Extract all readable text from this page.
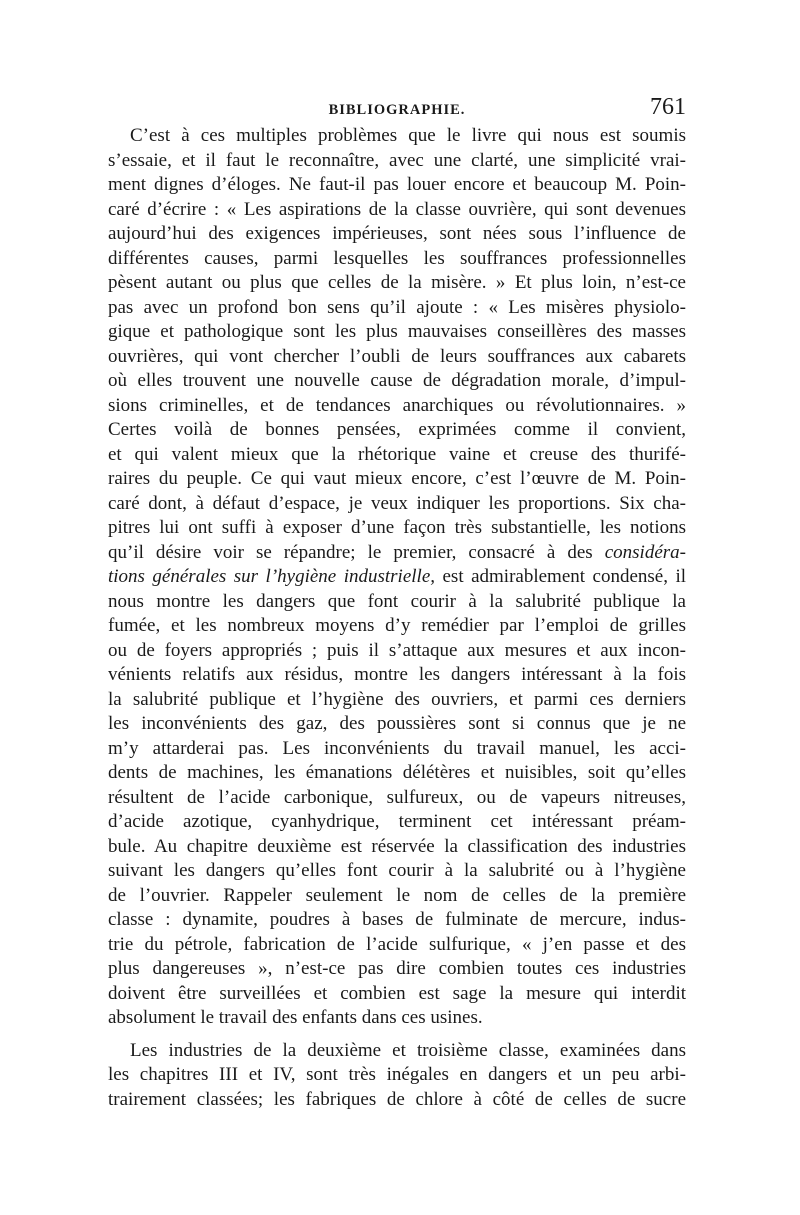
BIBLIOGRAPHIE.	761
C’est à ces multiples problèmes que le livre qui nous est soumis
s’essaie, et il faut le reconnaître, avec une clarté, une simplicité vrai-
ment dignes d’éloges. Ne faut-il pas louer encore et beaucoup M. Poin-
caré d’écrire : « Les aspirations de la classe ouvrière, qui sont devenues
aujourd’hui des exigences impérieuses, sont nées sous l’influence de
différentes causes, parmi lesquelles les souffrances professionnelles
pèsent autant ou plus que celles de la misère. » Et plus loin, n’est-ce
pas avec un profond bon sens qu’il ajoute : « Les misères physiolo-
gique et pathologique sont les plus mauvaises conseillères des masses
ouvrières, qui vont chercher l’oubli de leurs souffrances aux cabarets
où elles trouvent une nouvelle cause de dégradation morale, d’impul-
sions criminelles, et de tendances anarchiques ou révolutionnaires. »
Certes voilà de bonnes pensées, exprimées comme il convient,
et qui valent mieux que la rhétorique vaine et creuse des thurifé-
raires du peuple. Ce qui vaut mieux encore, c’est l’œuvre de M. Poin-
caré dont, à défaut d’espace, je veux indiquer les proportions. Six cha-
pitres lui ont suffi à exposer d’une façon très substantielle, les notions
qu’il désire voir se répandre; le premier, consacré à des considéra-
tions générales sur l’hygiène industrielle, est admirablement condensé, il
nous montre les dangers que font courir à la salubrité publique la
fumée, et les nombreux moyens d’y remédier par l’emploi de grilles
ou de foyers appropriés ; puis il s’attaque aux mesures et aux incon-
vénients relatifs aux résidus, montre les dangers intéressant à la fois
la salubrité publique et l’hygiène des ouvriers, et parmi ces derniers
les inconvénients des gaz, des poussières sont si connus que je ne
m’y attarderai pas. Les inconvénients du travail manuel, les acci-
dents de machines, les émanations délétères et nuisibles, soit qu’elles
résultent de l’acide carbonique, sulfureux, ou de vapeurs nitreuses,
d’acide azotique, cyanhydrique, terminent cet intéressant préam-
bule. Au chapitre deuxième est réservée la classification des industries
suivant les dangers qu’elles font courir à la salubrité ou à l’hygiène
de l’ouvrier. Rappeler seulement le nom de celles de la première
classe : dynamite, poudres à bases de fulminate de mercure, indus-
trie du pétrole, fabrication de l’acide sulfurique, « j’en passe et des
plus dangereuses », n’est-ce pas dire combien toutes ces industries
doivent être surveillées et combien est sage la mesure qui interdit
absolument le travail des enfants dans ces usines.
Les industries de la deuxième et troisième classe, examinées dans
les chapitres III et IV, sont très inégales en dangers et un peu arbi-
trairement classées; les fabriques de chlore à côté de celles de sucre
